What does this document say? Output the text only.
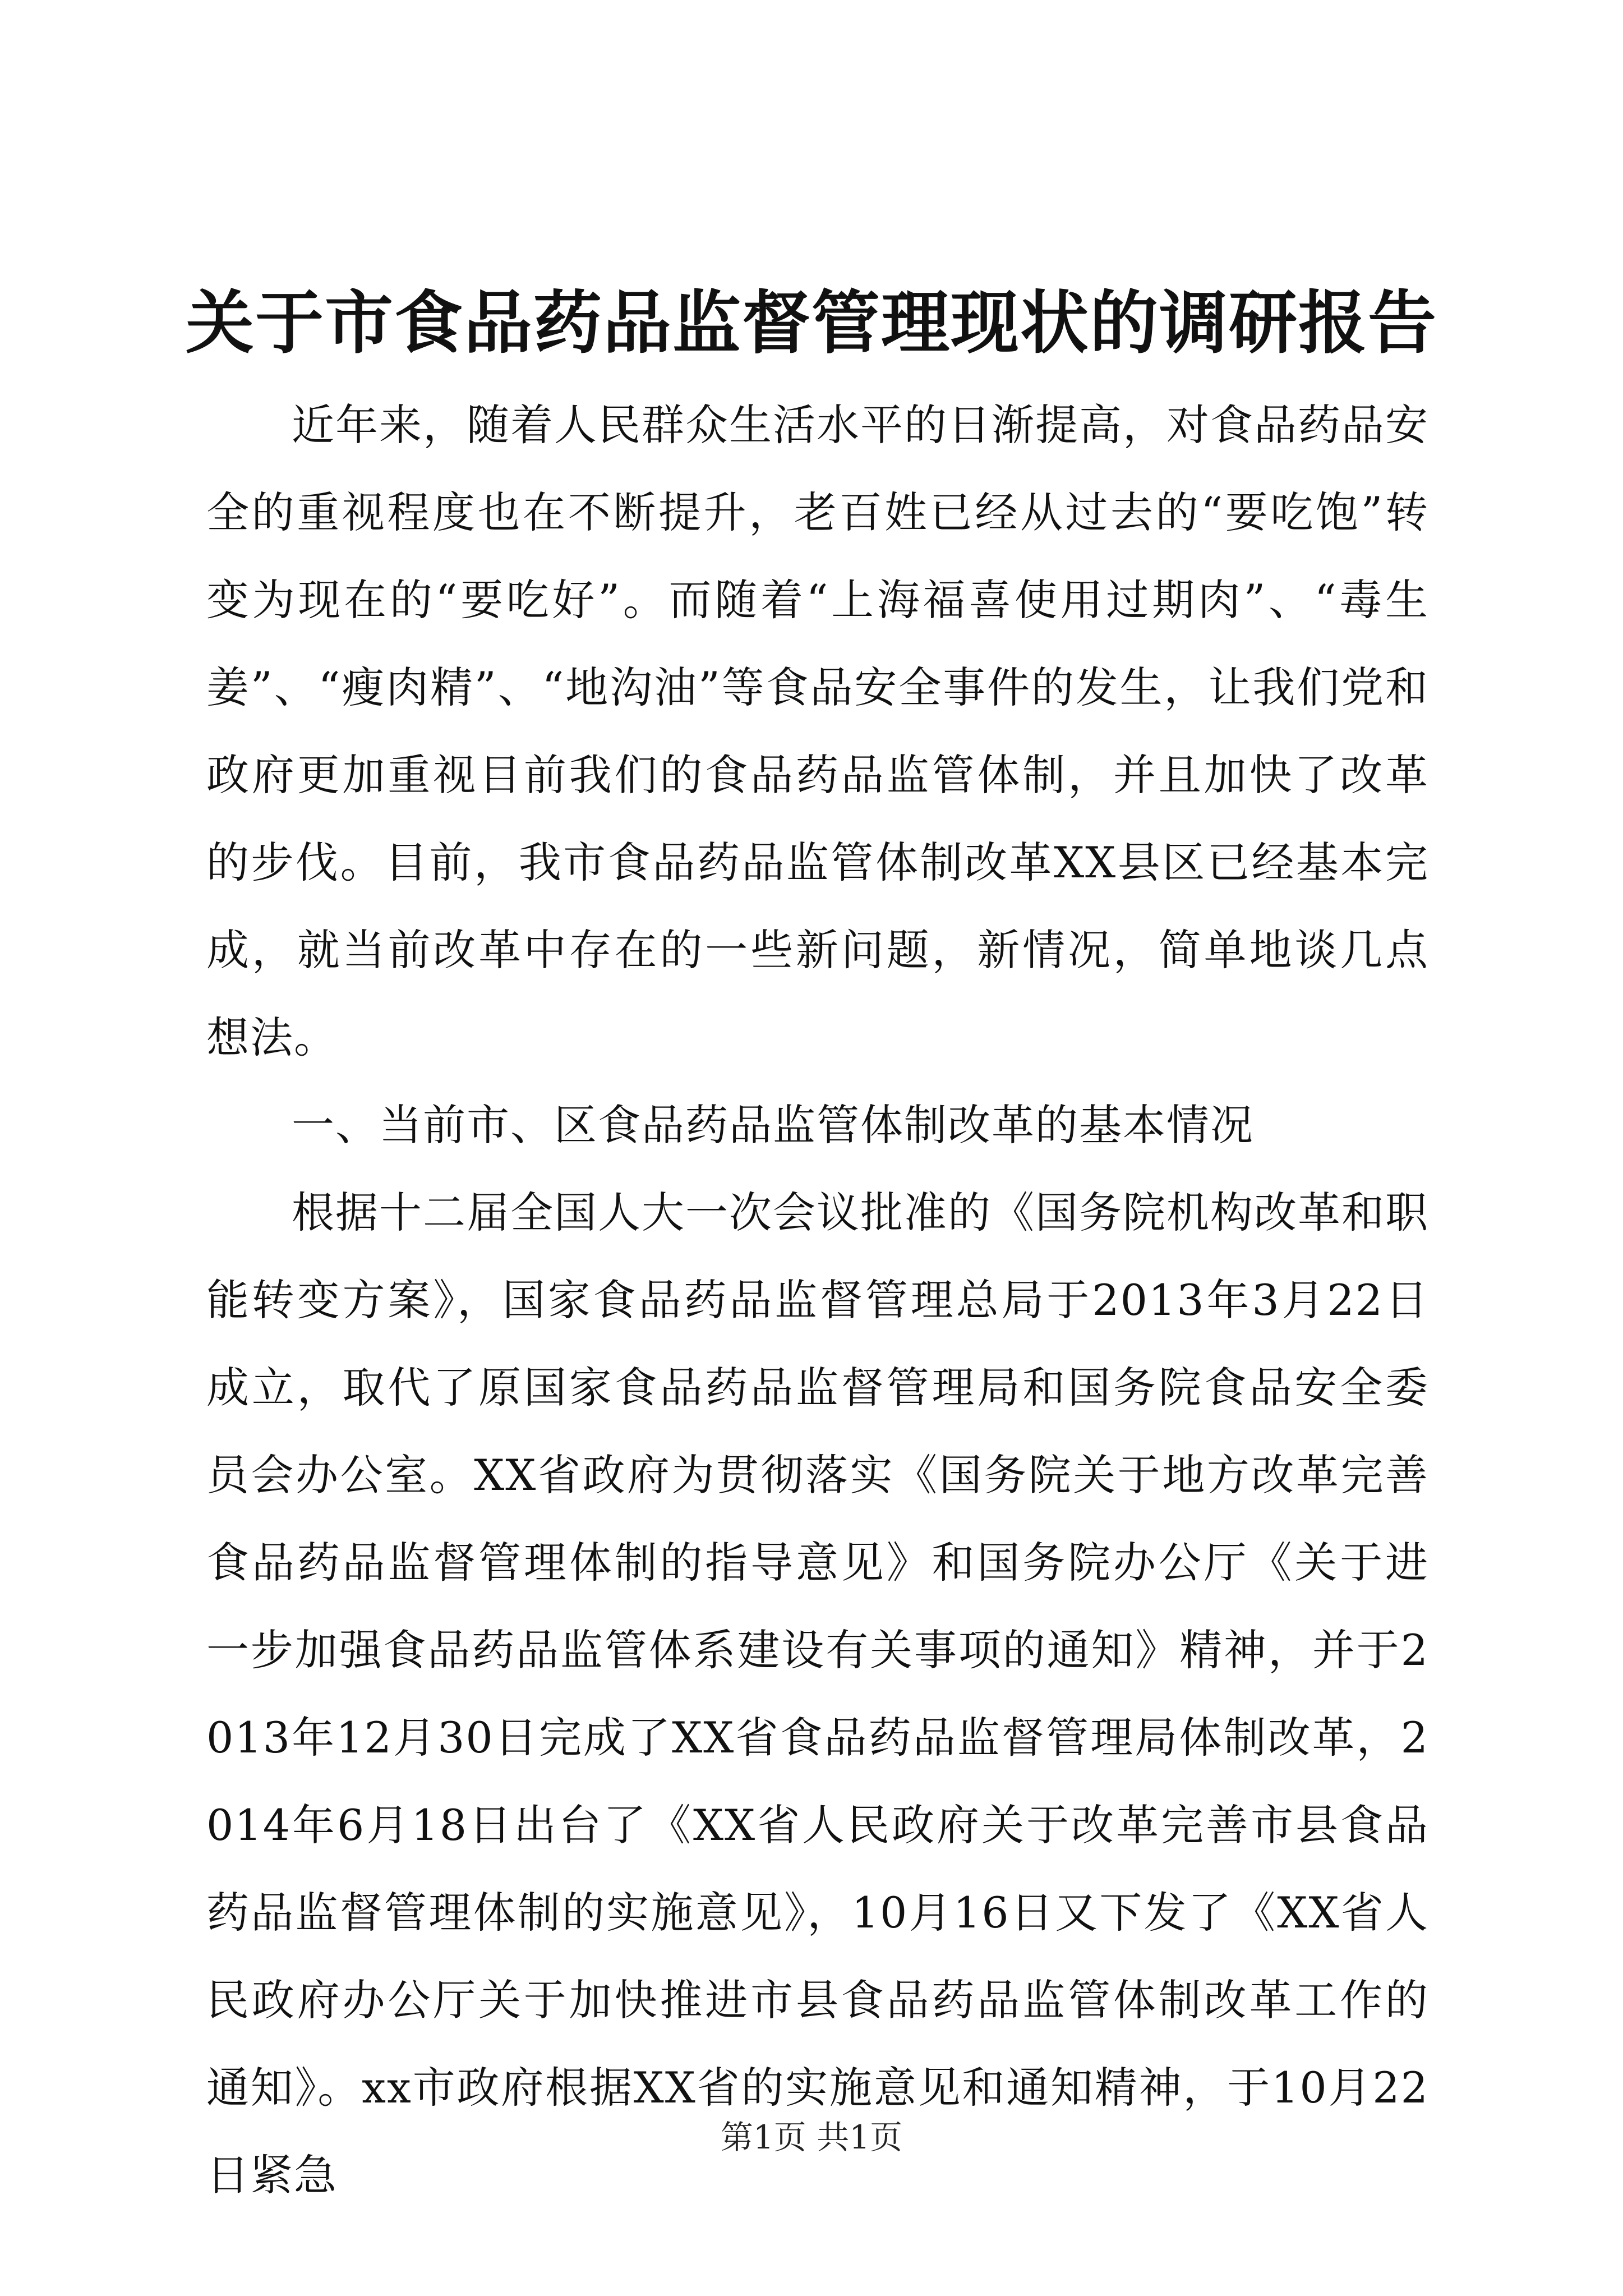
关于市食品药品监督管理现状的调研报告

近年来，随着人民群众生活水平的日渐提高，对食品药品安全的重视程度也在不断提升，老百姓已经从过去的“要吃饱”转变为现在的“要吃好”。而随着“上海福喜使用过期肉”、“毒生姜”、“瘦肉精”、“地沟油”等食品安全事件的发生，让我们党和政府更加重视目前我们的食品药品监管体制，并且加快了改革的步伐。目前，我市食品药品监管体制改革XX县区已经基本完成，就当前改革中存在的一些新问题，新情况，简单地谈几点想法。

一、当前市、区食品药品监管体制改革的基本情况

根据十二届全国人大一次会议批准的《国务院机构改革和职能转变方案》，国家食品药品监督管理总局于2013年3月22日成立，取代了原国家食品药品监督管理局和国务院食品安全委员会办公室。XX省政府为贯彻落实《国务院关于地方改革完善食品药品监督管理体制的指导意见》和国务院办公厅《关于进一步加强食品药品监管体系建设有关事项的通知》精神，并于2013年12月30日完成了XX省食品药品监督管理局体制改革，2014年6月18日出台了《XX省人民政府关于改革完善市县食品药品监督管理体制的实施意见》，10月16日又下发了《XX省人民政府办公厅关于加快推进市县食品药品监管体制改革工作的通知》。xx市政府根据XX省的实施意见和通知精神，于10月22日紧急

第1页 共1页
